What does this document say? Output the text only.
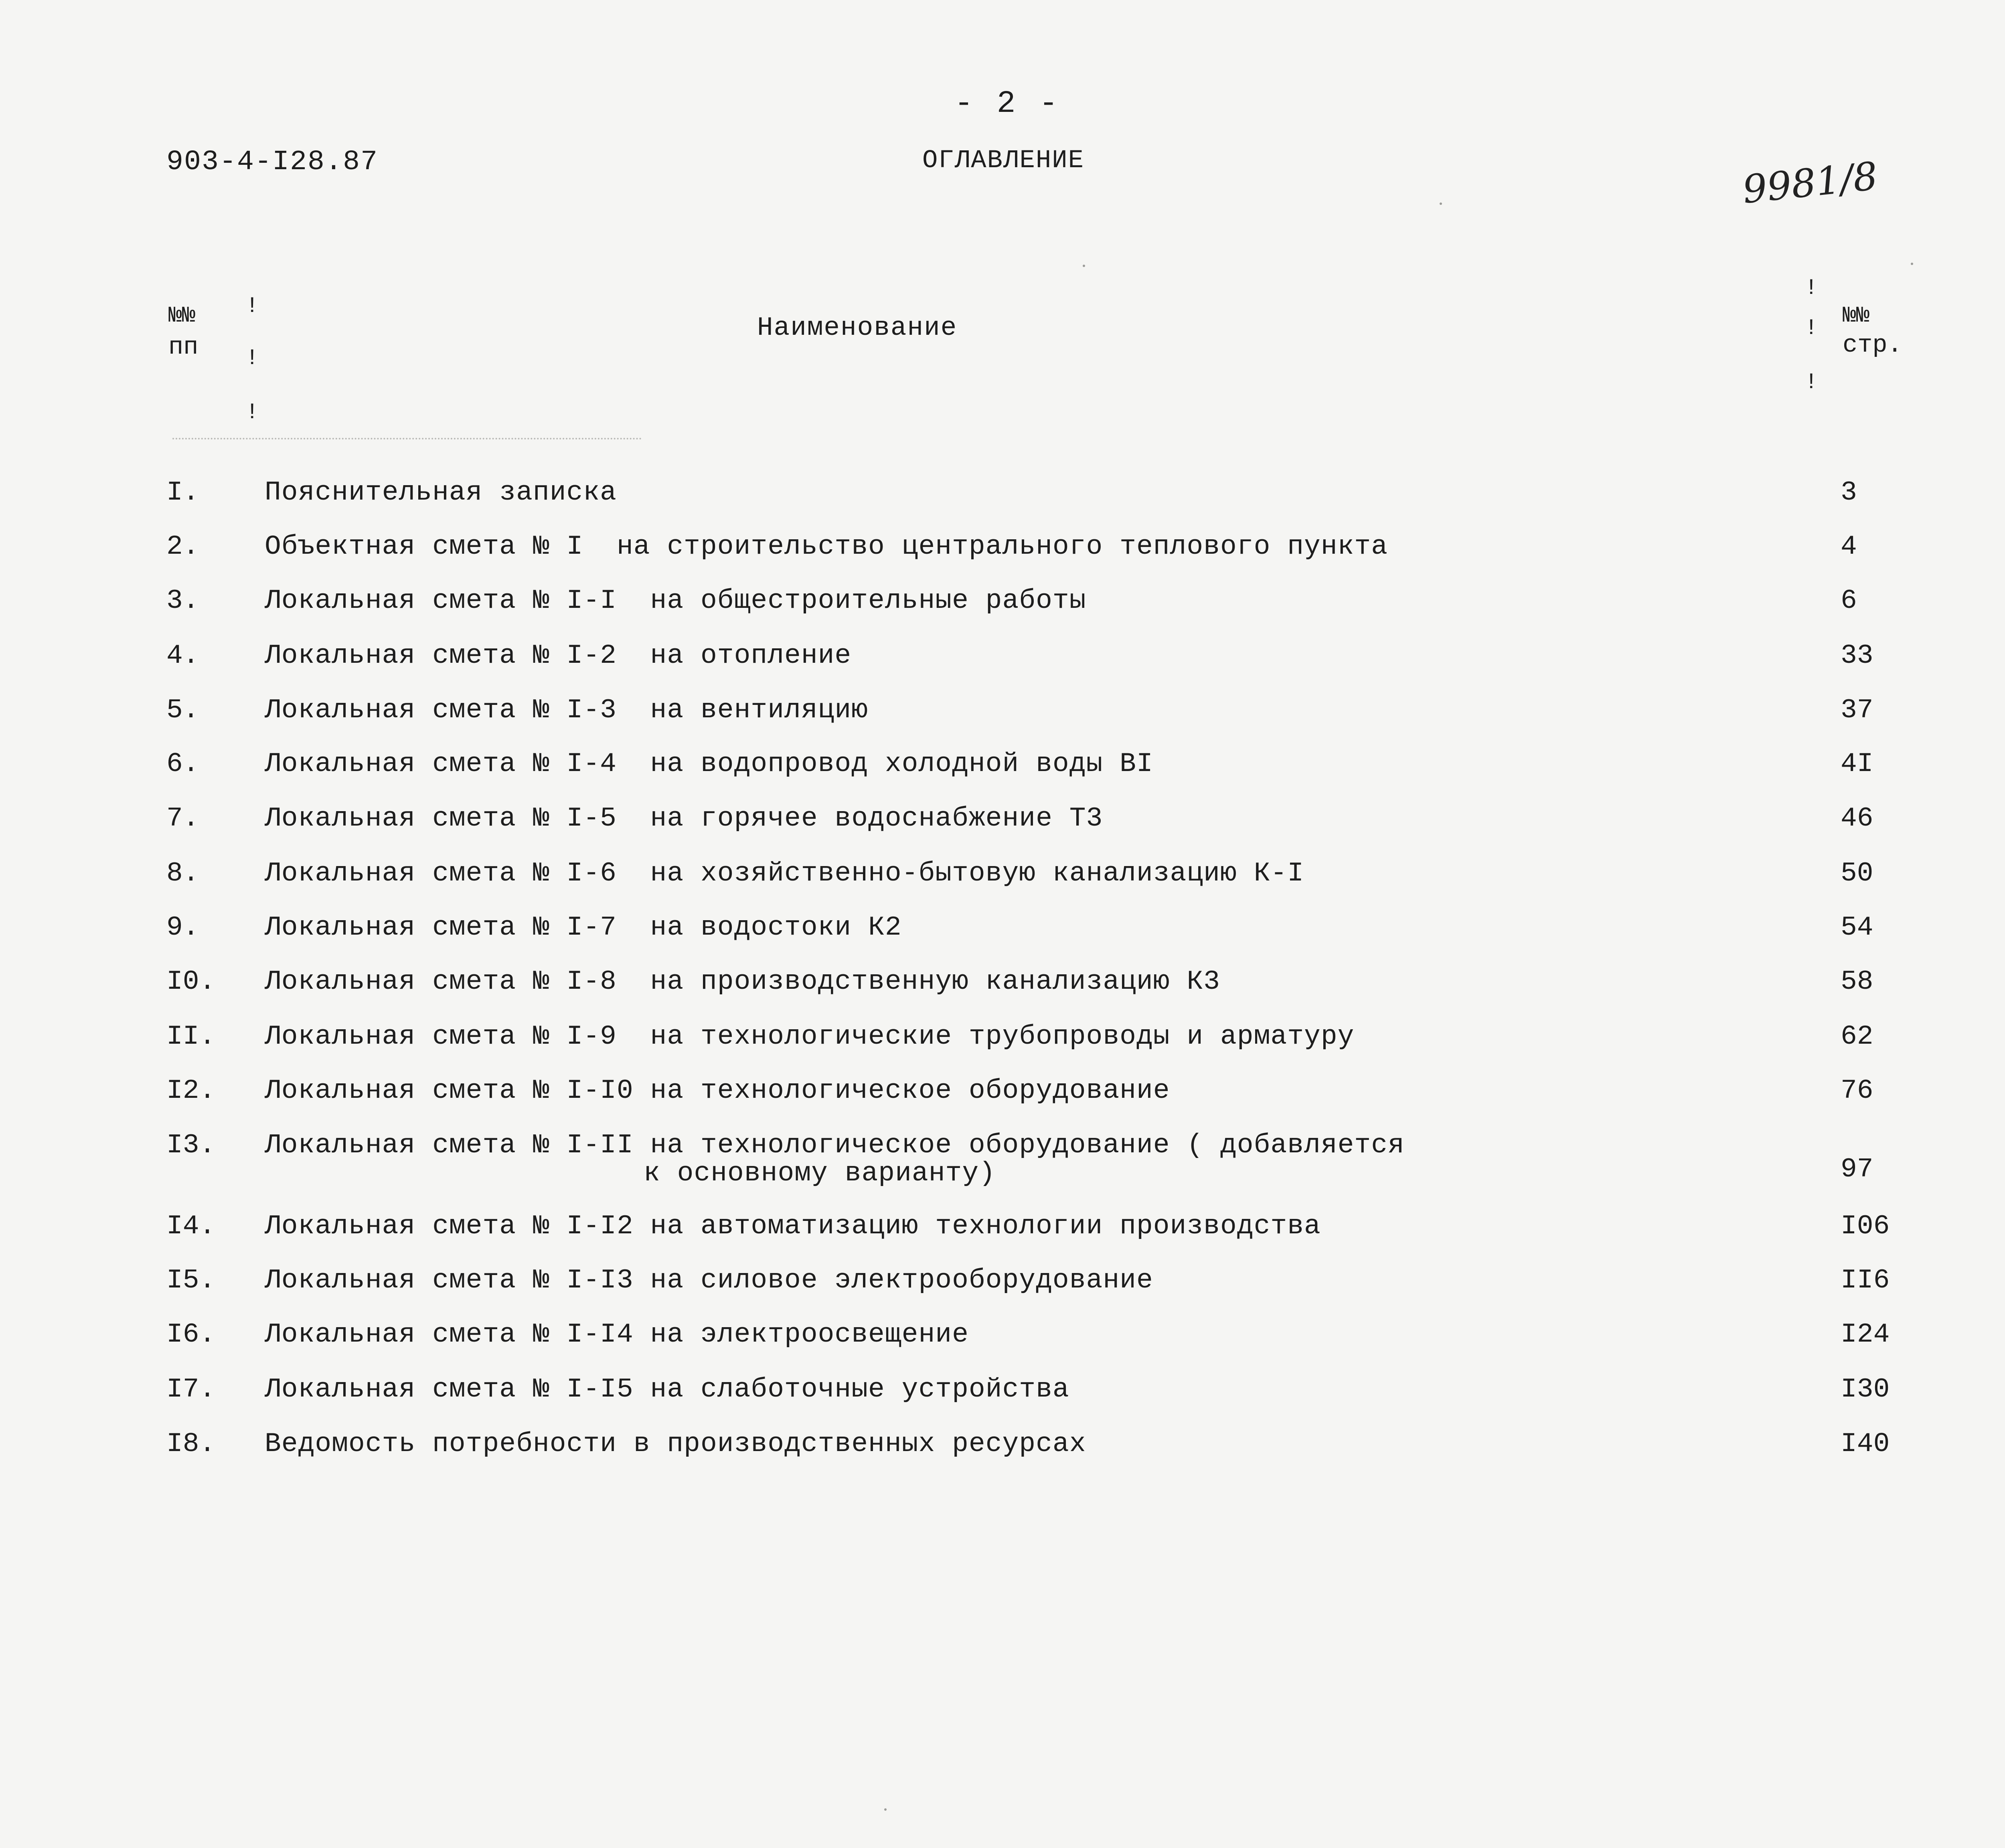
- 2 -
903-4-I28.87	ОГЛАВЛЕНИЕ	9981/8
№№
пп
Наименование	№№
стр.
!
!
!
!
!
!
I. Пояснительная записка	3
2. Объектная смета № I  на строительство центрального теплового пункта	4
3. Локальная смета № I-I  на общестроительные работы	6
4. Локальная смета № I-2  на отопление	33
5. Локальная смета № I-3  на вентиляцию	37
6. Локальная смета № I-4  на водопровод холодной воды BI	4I
7. Локальная смета № I-5  на горячее водоснабжение T3	46
8. Локальная смета № I-6  на хозяйственно-бытовую канализацию К-I	50
9. Локальная смета № I-7  на водостоки К2	54
I0. Локальная смета № I-8  на производственную канализацию К3	58
II. Локальная смета № I-9  на технологические трубопроводы и арматуру	62
I2. Локальная смета № I-I0 на технологическое оборудование	76
I3. Локальная смета № I-II на технологическое оборудование ( добавляется
к основному варианту)	97
I4. Локальная смета № I-I2 на автоматизацию технологии производства	I06
I5. Локальная смета № I-I3 на силовое электрооборудование	II6
I6. Локальная смета № I-I4 на электроосвещение	I24
I7. Локальная смета № I-I5 на слаботочные устройства	I30
I8. Ведомость потребности в производственных ресурсах	I40
